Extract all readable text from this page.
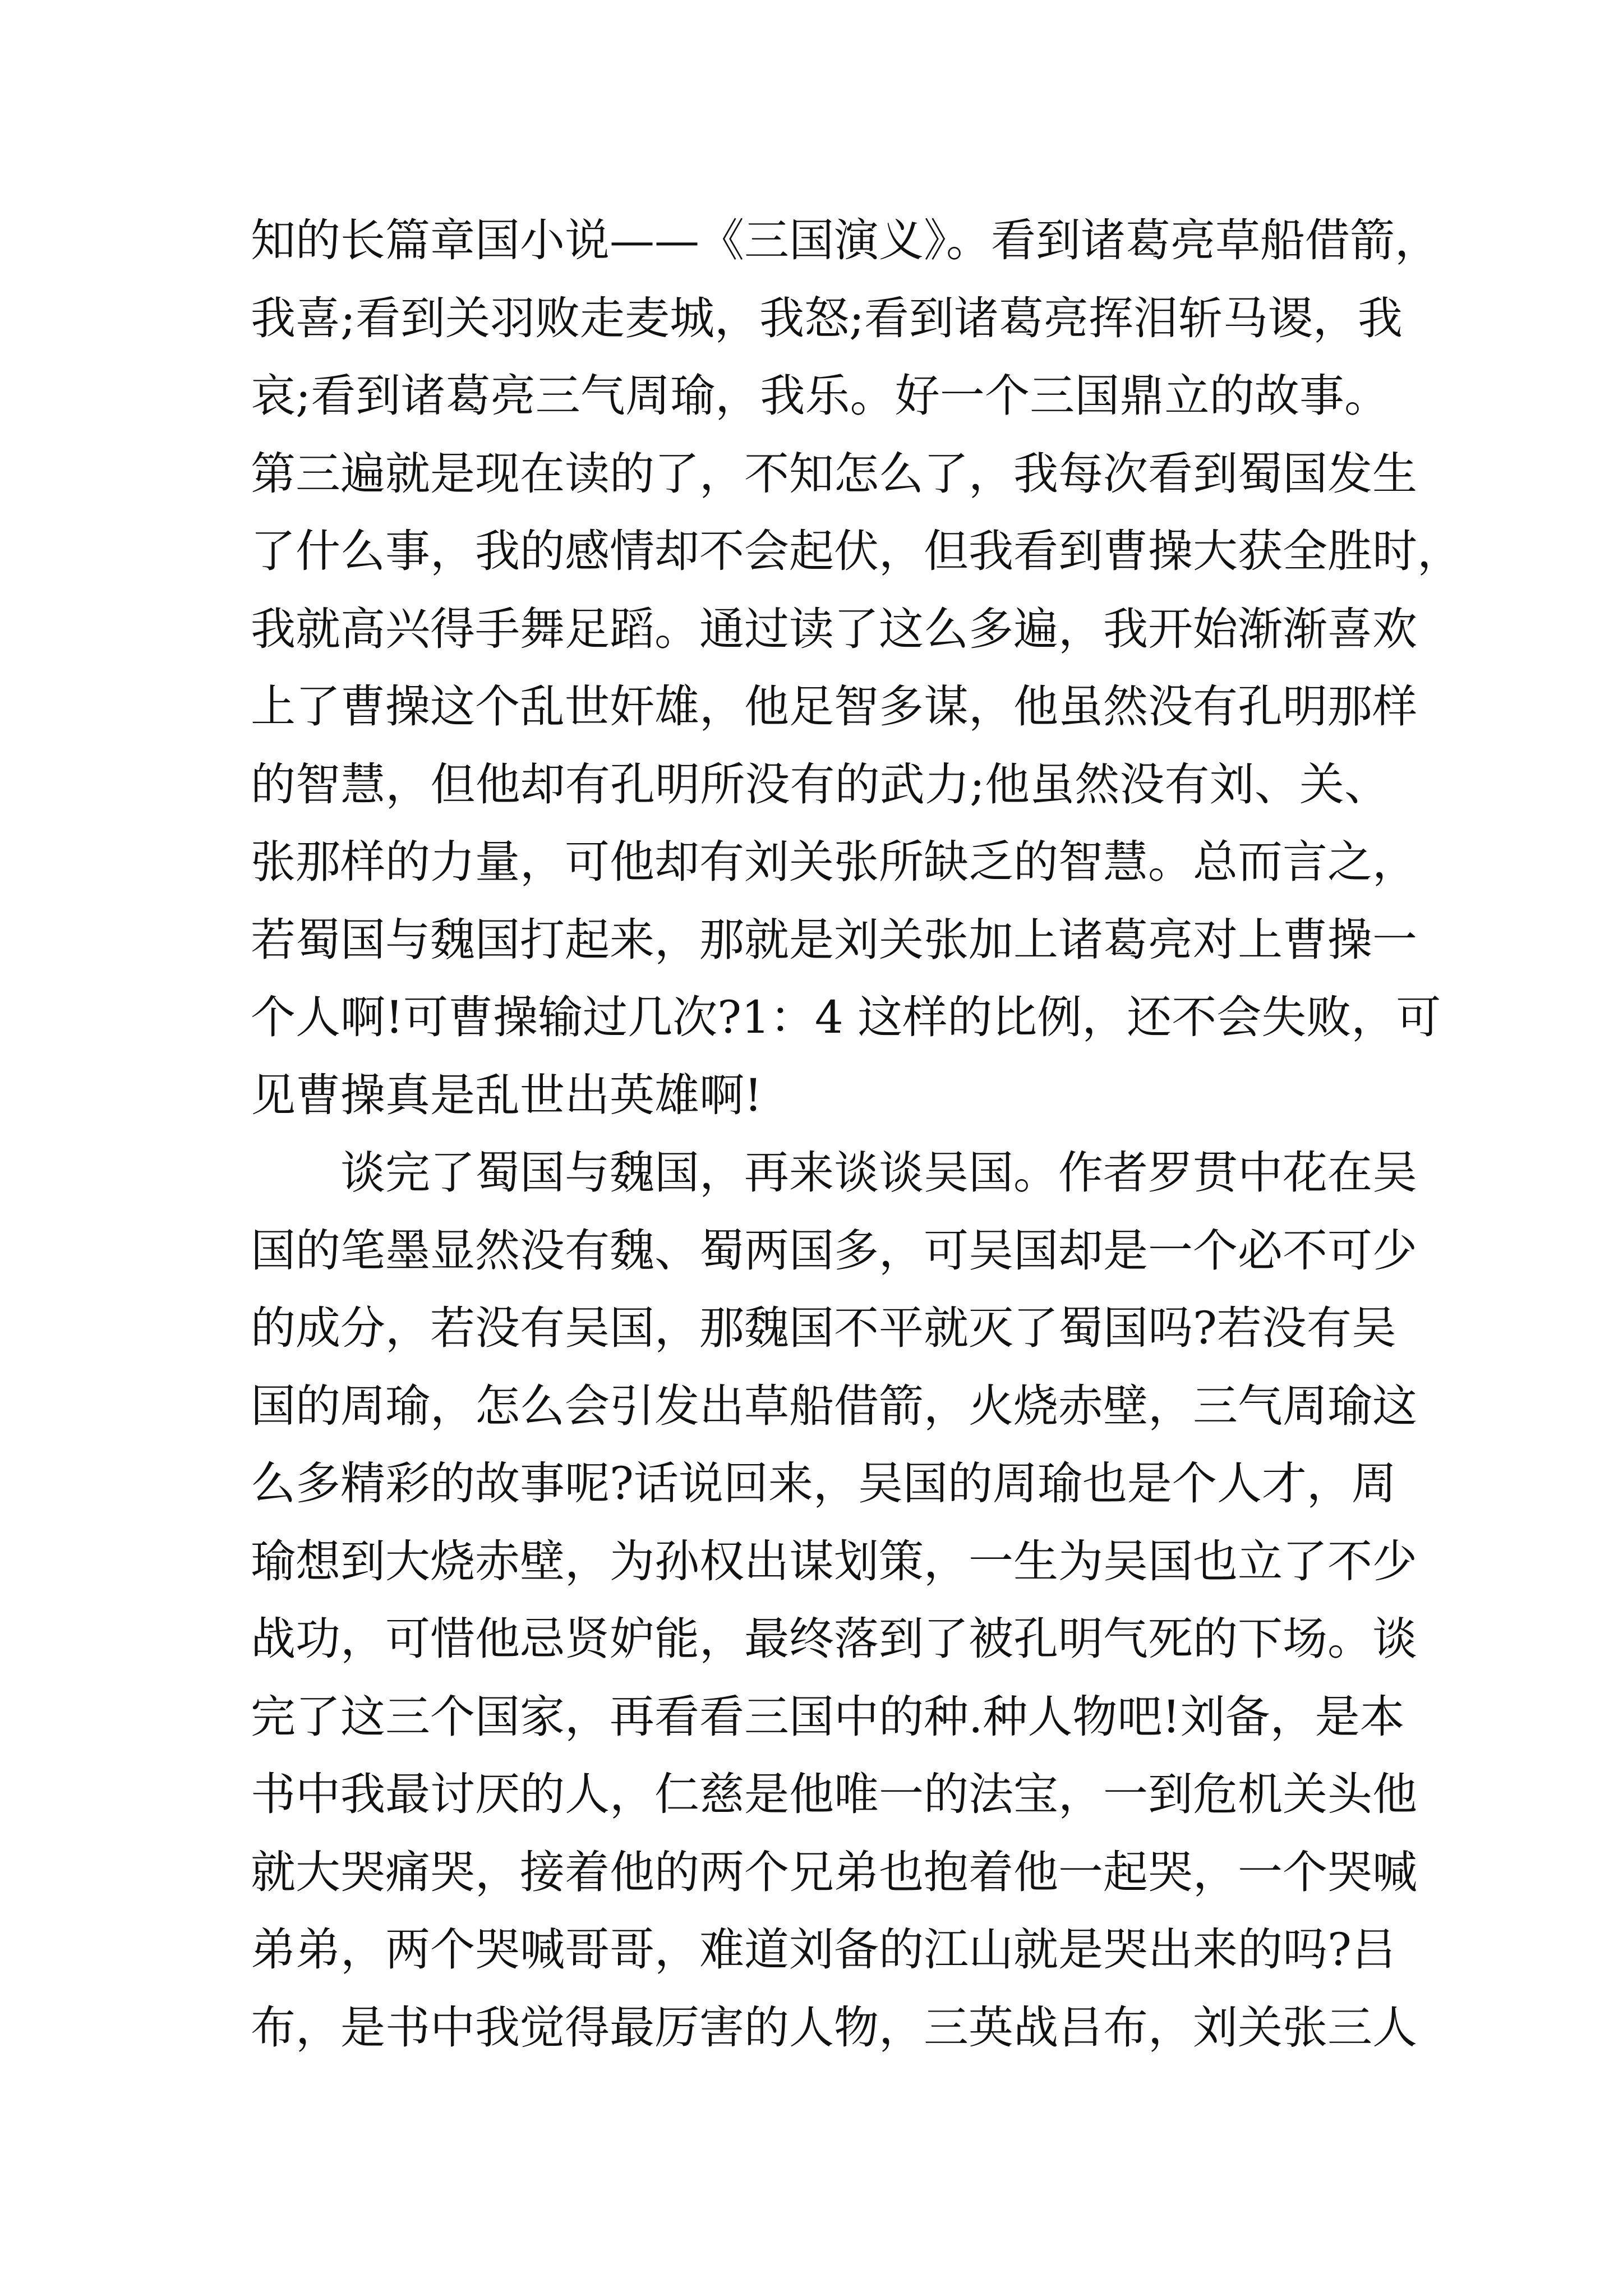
知的长篇章国小说——《三国演义》。看到诸葛亮草船借箭，
我喜;看到关羽败走麦城，我怒;看到诸葛亮挥泪斩马谡，我
哀;看到诸葛亮三气周瑜，我乐。好一个三国鼎立的故事。
第三遍就是现在读的了，不知怎么了，我每次看到蜀国发生
了什么事，我的感情却不会起伏，但我看到曹操大获全胜时，
我就高兴得手舞足蹈。通过读了这么多遍，我开始渐渐喜欢
上了曹操这个乱世奸雄，他足智多谋，他虽然没有孔明那样
的智慧，但他却有孔明所没有的武力;他虽然没有刘、关、
张那样的力量，可他却有刘关张所缺乏的智慧。总而言之，
若蜀国与魏国打起来，那就是刘关张加上诸葛亮对上曹操一
个人啊!可曹操输过几次?1：4 这样的比例，还不会失败，可
见曹操真是乱世出英雄啊!
谈完了蜀国与魏国，再来谈谈吴国。作者罗贯中花在吴
国的笔墨显然没有魏、蜀两国多，可吴国却是一个必不可少
的成分，若没有吴国，那魏国不平就灭了蜀国吗?若没有吴
国的周瑜，怎么会引发出草船借箭，火烧赤壁，三气周瑜这
么多精彩的故事呢?话说回来，吴国的周瑜也是个人才，周
瑜想到大烧赤壁，为孙权出谋划策，一生为吴国也立了不少
战功，可惜他忌贤妒能，最终落到了被孔明气死的下场。谈
完了这三个国家，再看看三国中的种.种人物吧!刘备，是本
书中我最讨厌的人，仁慈是他唯一的法宝，一到危机关头他
就大哭痛哭，接着他的两个兄弟也抱着他一起哭，一个哭喊
弟弟，两个哭喊哥哥，难道刘备的江山就是哭出来的吗?吕
布，是书中我觉得最厉害的人物，三英战吕布，刘关张三人
